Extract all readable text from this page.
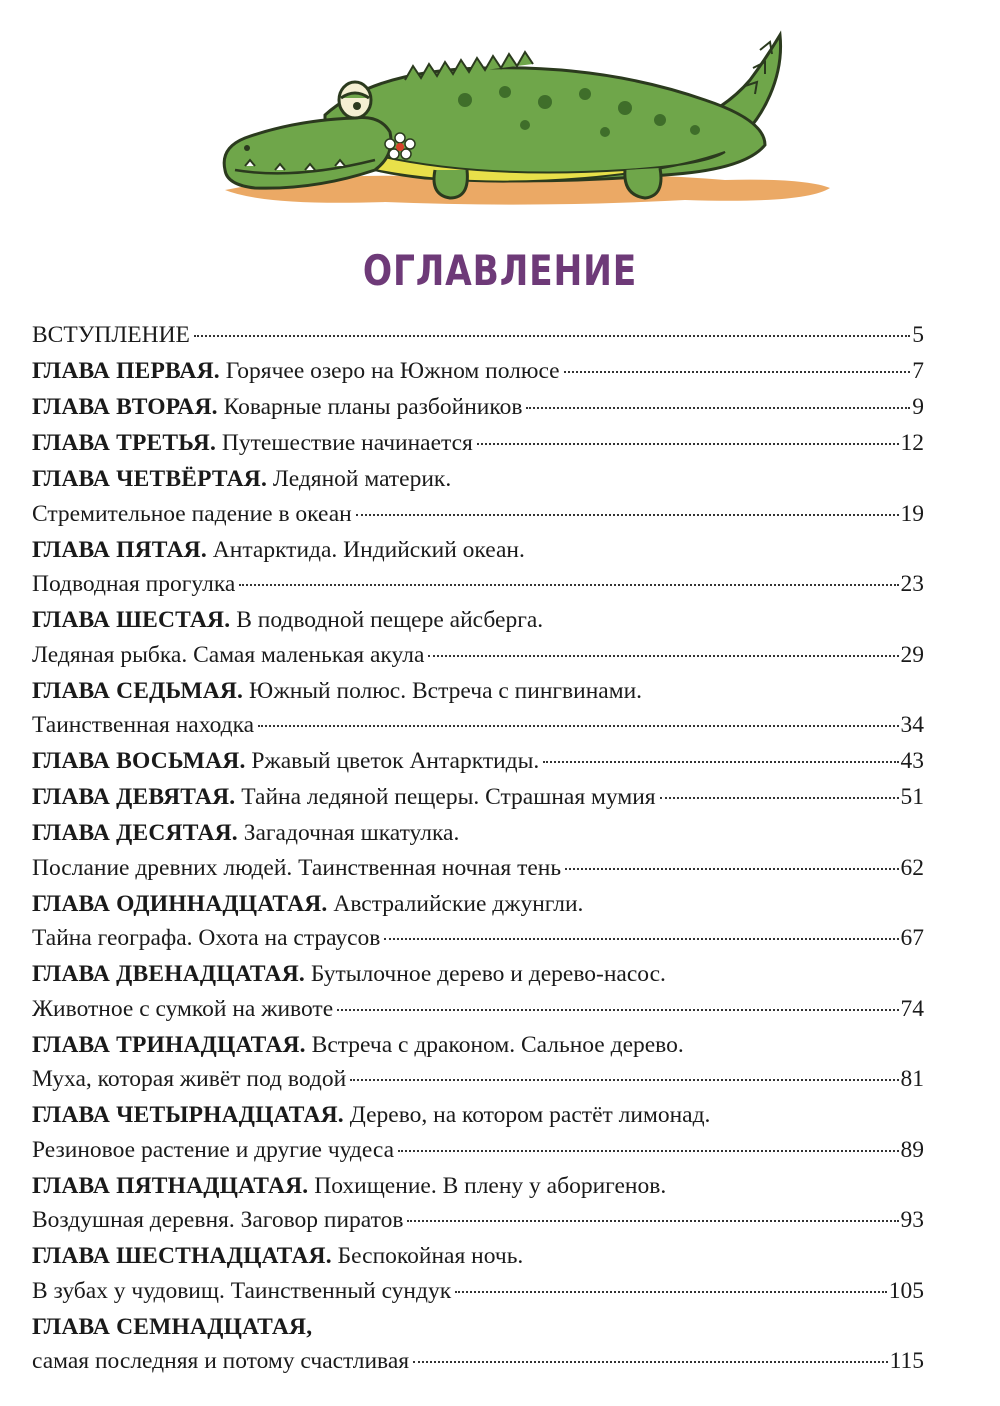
ОГЛАВЛЕНИЕ
ВСТУПЛЕНИЕ	5
ГЛАВА ПЕРВАЯ.
Горячее озеро на Южном полюсе	7
ГЛАВА ВТОРАЯ.
Коварные планы разбойников	9
ГЛАВА ТРЕТЬЯ.
Путешествие начинается	12
ГЛАВА ЧЕТВЁРТАЯ.
Ледяной материк.
Стремительное падение в океан	19
ГЛАВА ПЯТАЯ.
Антарктида. Индийский океан.
Подводная прогулка	23
ГЛАВА ШЕСТАЯ.
В подводной пещере айсберга.
Ледяная рыбка. Самая маленькая акула	29
ГЛАВА СЕДЬМАЯ.
Южный полюс. Встреча с пингвинами.
Таинственная находка	34
ГЛАВА ВОСЬМАЯ.
Ржавый цветок Антарктиды.	43
ГЛАВА ДЕВЯТАЯ.
Тайна ледяной пещеры. Страшная мумия	51
ГЛАВА ДЕСЯТАЯ.
Загадочная шкатулка.
Послание древних людей. Таинственная ночная тень	62
ГЛАВА ОДИННАДЦАТАЯ.
Австралийские джунгли.
Тайна географа. Охота на страусов	67
ГЛАВА ДВЕНАДЦАТАЯ.
Бутылочное дерево и дерево-насос.
Животное с сумкой на животе	74
ГЛАВА ТРИНАДЦАТАЯ.
Встреча с драконом. Сальное дерево.
Муха, которая живёт под водой	81
ГЛАВА ЧЕТЫРНАДЦАТАЯ.
Дерево, на котором растёт лимонад.
Резиновое растение и другие чудеса	89
ГЛАВА ПЯТНАДЦАТАЯ.
Похищение. В плену у аборигенов.
Воздушная деревня. Заговор пиратов	93
ГЛАВА ШЕСТНАДЦАТАЯ.
Беспокойная ночь.
В зубах у чудовищ. Таинственный сундук	105
ГЛАВА СЕМНАДЦАТАЯ,

самая последняя и потому счастливая	115
